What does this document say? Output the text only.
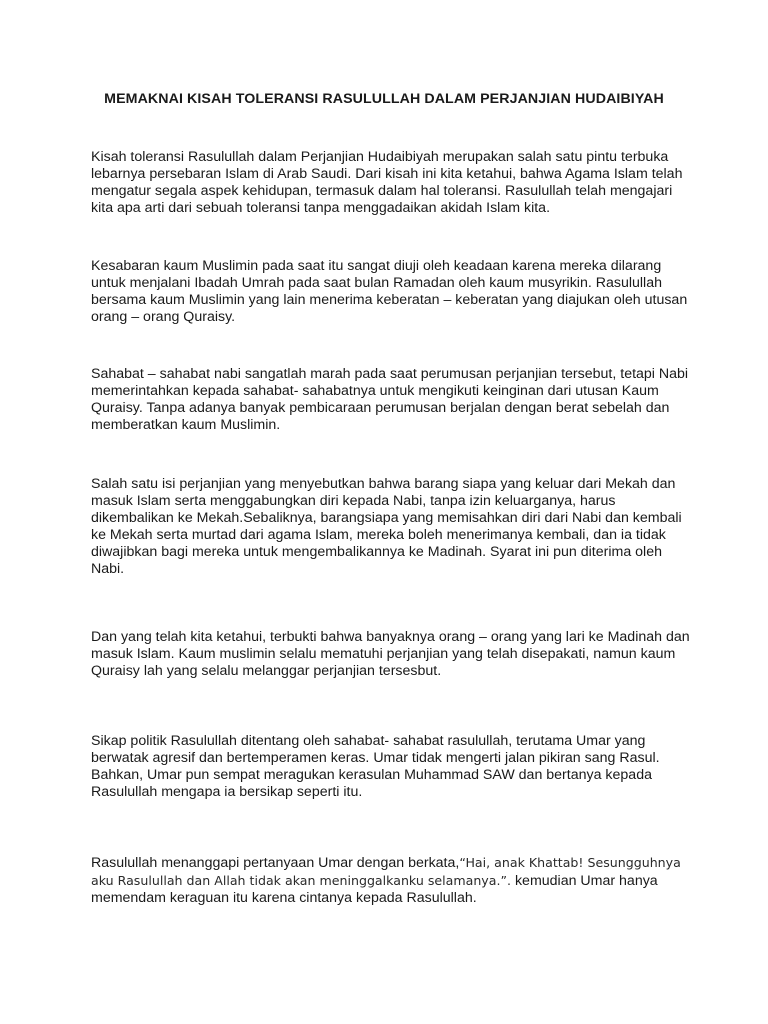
MEMAKNAI KISAH TOLERANSI RASULULLAH DALAM PERJANJIAN HUDAIBIYAH
Kisah toleransi Rasulullah dalam Perjanjian Hudaibiyah merupakan salah satu pintu terbuka
lebarnya persebaran Islam di Arab Saudi. Dari kisah ini kita ketahui, bahwa Agama Islam telah
mengatur segala aspek kehidupan, termasuk dalam hal toleransi. Rasulullah telah mengajari
kita apa arti dari sebuah toleransi tanpa menggadaikan akidah Islam kita.
Kesabaran kaum Muslimin pada saat itu sangat diuji oleh keadaan karena mereka dilarang
untuk menjalani Ibadah Umrah pada saat bulan Ramadan oleh kaum musyrikin. Rasulullah
bersama kaum Muslimin yang lain menerima keberatan – keberatan yang diajukan oleh utusan
orang – orang Quraisy.
Sahabat – sahabat nabi sangatlah marah pada saat perumusan perjanjian tersebut, tetapi Nabi
memerintahkan kepada sahabat- sahabatnya untuk mengikuti keinginan dari utusan Kaum
Quraisy. Tanpa adanya banyak pembicaraan perumusan berjalan dengan berat sebelah dan
memberatkan kaum Muslimin.
Salah satu isi perjanjian yang menyebutkan bahwa barang siapa yang keluar dari Mekah dan
masuk Islam serta menggabungkan diri kepada Nabi, tanpa izin keluarganya, harus
dikembalikan ke Mekah.Sebaliknya, barangsiapa yang memisahkan diri dari Nabi dan kembali
ke Mekah serta murtad dari agama Islam, mereka boleh menerimanya kembali, dan ia tidak
diwajibkan bagi mereka untuk mengembalikannya ke Madinah. Syarat ini pun diterima oleh
Nabi.
Dan yang telah kita ketahui, terbukti bahwa banyaknya orang – orang yang lari ke Madinah dan
masuk Islam. Kaum muslimin selalu mematuhi perjanjian yang telah disepakati, namun kaum
Quraisy lah yang selalu melanggar perjanjian tersesbut.
Sikap politik Rasulullah ditentang oleh sahabat- sahabat rasulullah, terutama Umar yang
berwatak agresif dan bertemperamen keras. Umar tidak mengerti jalan pikiran sang Rasul.
Bahkan, Umar pun sempat meragukan kerasulan Muhammad SAW dan bertanya kepada
Rasulullah mengapa ia bersikap seperti itu.
Rasulullah menanggapi pertanyaan Umar dengan berkata,“Hai, anak Khattab! Sesungguhnya
aku Rasulullah dan Allah tidak akan meninggalkanku selamanya.”. kemudian Umar hanya
memendam keraguan itu karena cintanya kepada Rasulullah.
